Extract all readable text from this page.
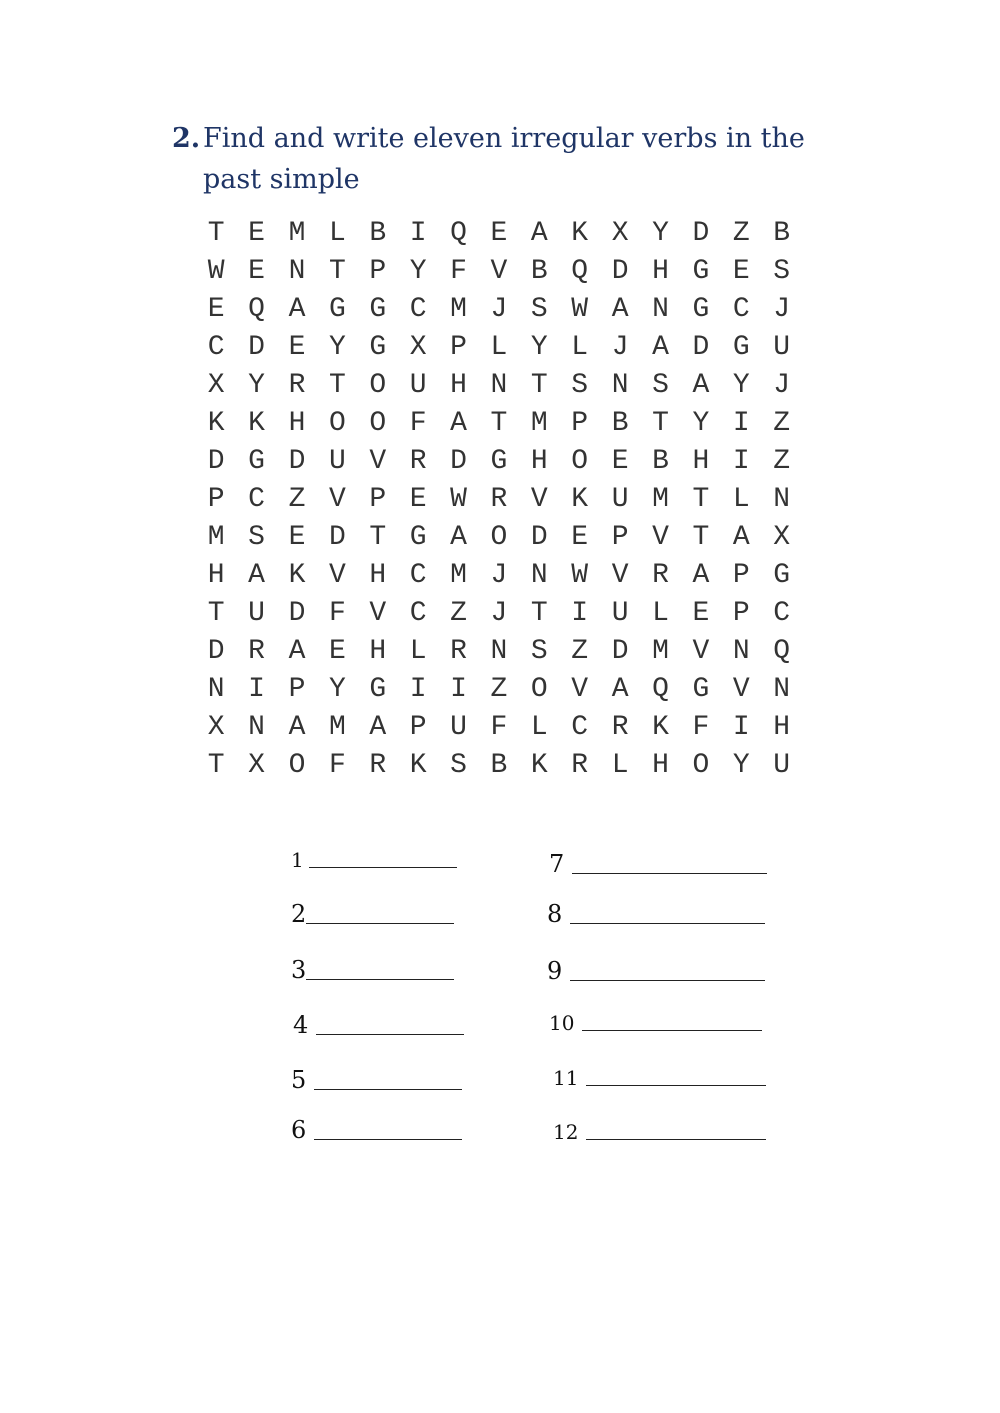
2. Find and write eleven irregular verbs in the past simple
T E M L B I Q E A K X Y D Z B
W E N T P Y F V B Q D H G E S
E Q A G G C M J S W A N G C J
C D E Y G X P L Y L J A D G U
X Y R T O U H N T S N S A Y J
K K H O O F A T M P B T Y I Z
D G D U V R D G H O E B H I Z
P C Z V P E W R V K U M T L N
M S E D T G A O D E P V T A X
H A K V H C M J N W V R A P G
T U D F V C Z J T I U L E P C
D R A E H L R N S Z D M V N Q
N I P Y G I I Z O V A Q G V N
X N A M A P U F L C R K F I H
T X O F R K S B K R L H O Y U
1
2
3
4
5
6
7
8
9
10
11
12
